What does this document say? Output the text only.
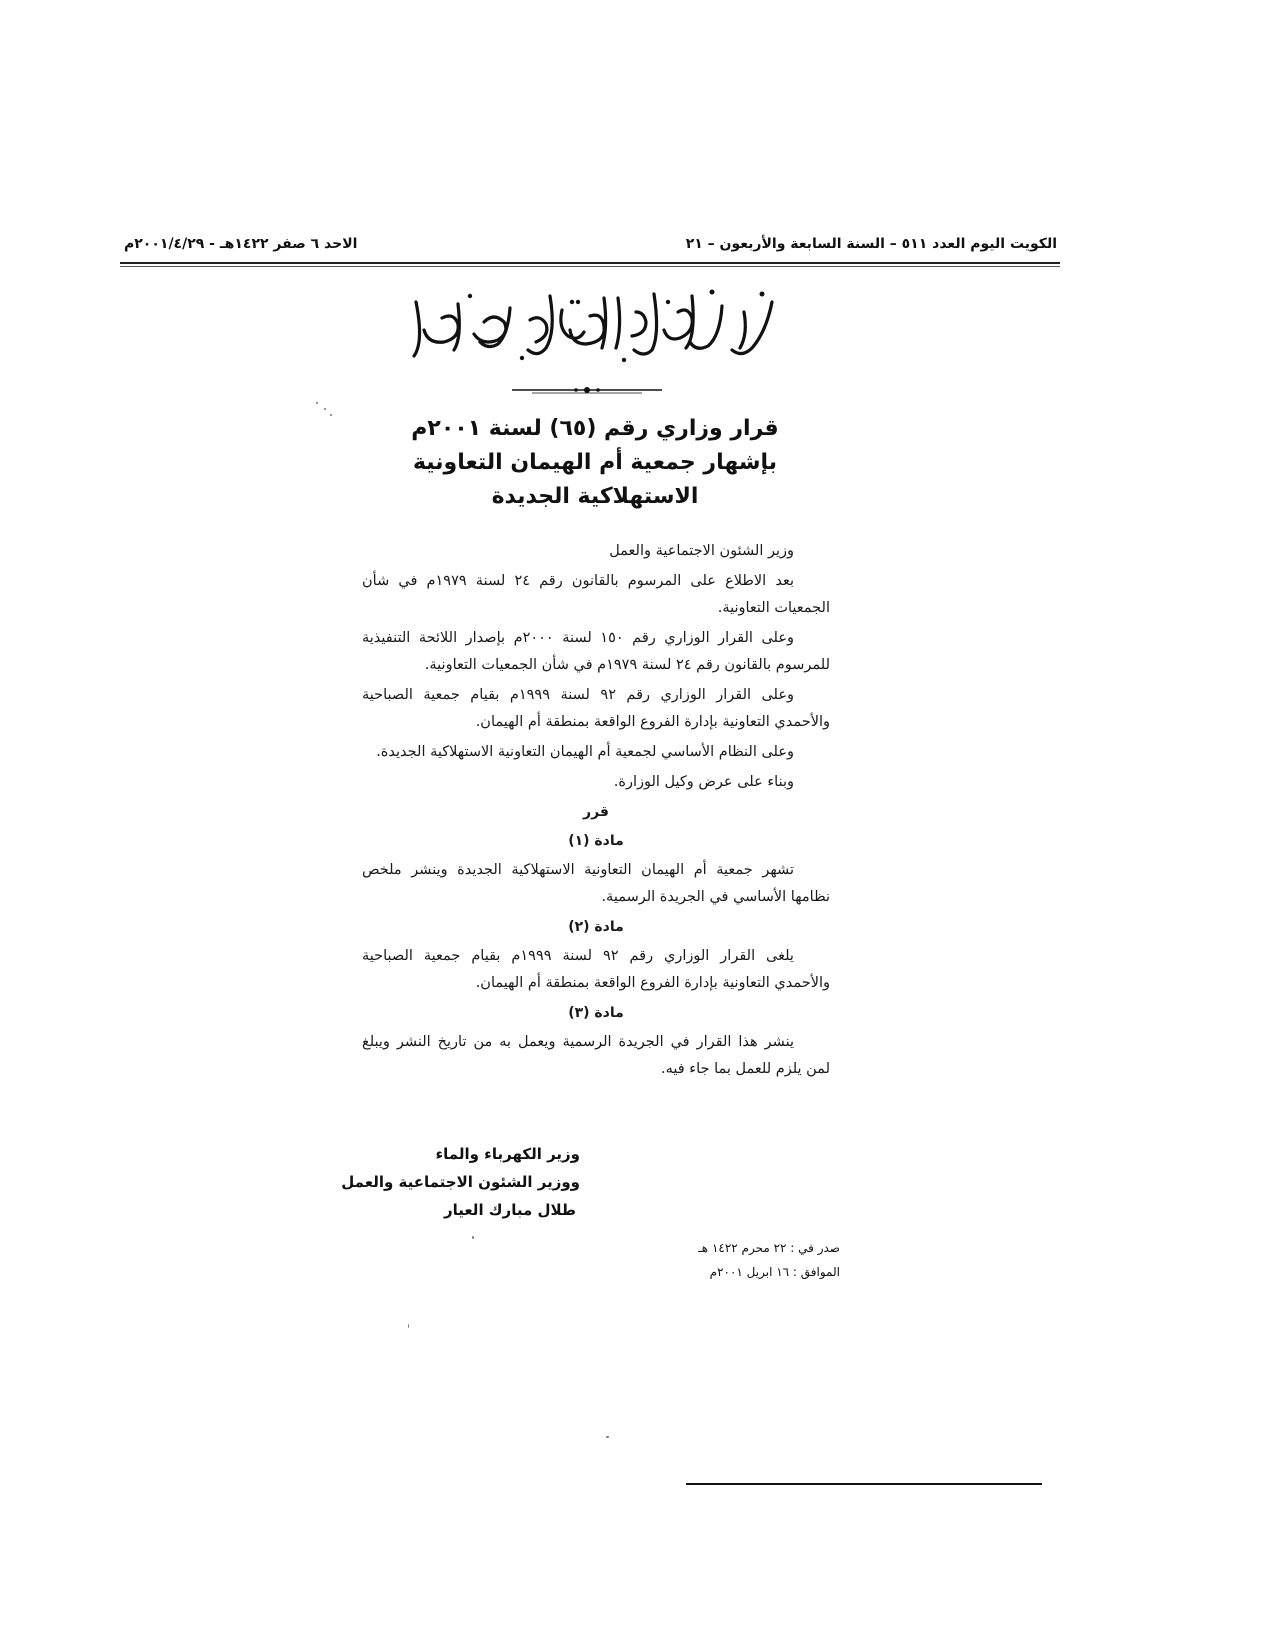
الكويت اليوم العدد ٥١١ – السنة السابعة والأربعون – ٢١
الاحد ٦ صفر ١٤٢٢هـ - ٢٠٠١/٤/٢٩م
قرار وزاري رقم (٦٥) لسنة ٢٠٠١م
بإشهار جمعية أم الهيمان التعاونية
الاستهلاكية الجديدة

وزير الشئون الاجتماعية والعمل

بعد الاطلاع على المرسوم بالقانون رقم ٢٤ لسنة ١٩٧٩م في شأن الجمعيات التعاونية.

وعلى القرار الوزاري رقم ١٥٠ لسنة ٢٠٠٠م بإصدار اللائحة التنفيذية للمرسوم بالقانون رقم ٢٤ لسنة ١٩٧٩م في شأن الجمعيات التعاونية.

وعلى القرار الوزاري رقم ٩٢ لسنة ١٩٩٩م بقيام جمعية الصباحية والأحمدي التعاونية بإدارة الفروع الواقعة بمنطقة أم الهيمان.

وعلى النظام الأساسي لجمعية أم الهيمان التعاونية الاستهلاكية الجديدة.

وبناء على عرض وكيل الوزارة.

قرر

مادة (١)

تشهر جمعية أم الهيمان التعاونية الاستهلاكية الجديدة وينشر ملخص نظامها الأساسي في الجريدة الرسمية.

مادة (٢)

يلغى القرار الوزاري رقم ٩٢ لسنة ١٩٩٩م بقيام جمعية الصباحية والأحمدي التعاونية بإدارة الفروع الواقعة بمنطقة أم الهيمان.

مادة (٣)

ينشر هذا القرار في الجريدة الرسمية ويعمل به من تاريخ النشر ويبلغ لمن يلزم للعمل بما جاء فيه.

وزير الكهرباء والماء
ووزير الشئون الاجتماعية والعمل
طلال مبارك العيار
صدر في : ٢٢ محرم ١٤٢٢ هـ
الموافق : ١٦ ابريل ٢٠٠١م
